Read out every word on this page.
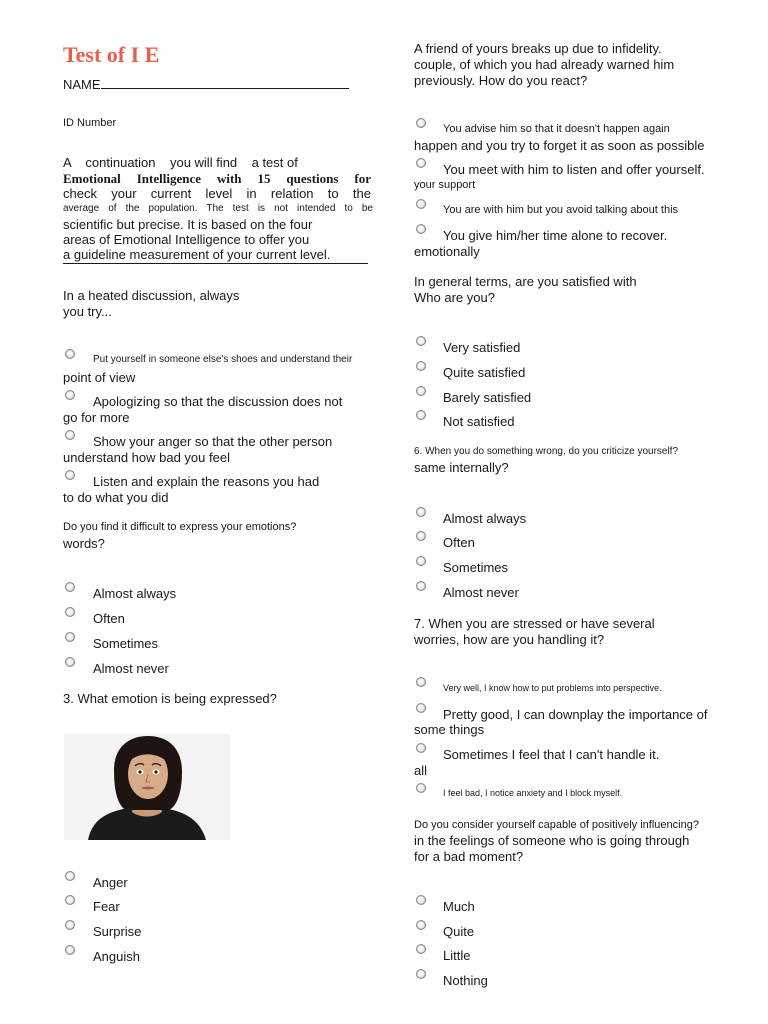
Test of I E
NAME
ID Number
A    continuation    you will find    a test of
Emotional Intelligence with 15 questions for
check your current level in relation to the
average of the population. The test is not intended to be
scientific but precise. It is based on the four
areas of Emotional Intelligence to offer you
a guideline measurement of your current level.
In a heated discussion, always
you try...
Put yourself in someone else's shoes and understand their
point of view
Apologizing so that the discussion does not
go for more
Show your anger so that the other person
understand how bad you feel
Listen and explain the reasons you had
to do what you did
Do you find it difficult to express your emotions?
words?
Almost always
Often
Sometimes
Almost never
3. What emotion is being expressed?
Anger
Fear
Surprise
Anguish
A friend of yours breaks up due to infidelity.
couple, of which you had already warned him
previously. How do you react?
You advise him so that it doesn't happen again
happen and you try to forget it as soon as possible
You meet with him to listen and offer yourself.
your support
You are with him but you avoid talking about this
You give him/her time alone to recover.
emotionally
In general terms, are you satisfied with
Who are you?
Very satisfied
Quite satisfied
Barely satisfied
Not satisfied
6. When you do something wrong, do you criticize yourself?
same internally?
Almost always
Often
Sometimes
Almost never
7. When you are stressed or have several
worries, how are you handling it?
Very well, I know how to put problems into perspective.
Pretty good, I can downplay the importance of
some things
Sometimes I feel that I can't handle it.
all
I feel bad, I notice anxiety and I block myself.
Do you consider yourself capable of positively influencing?
in the feelings of someone who is going through
for a bad moment?
Much
Quite
Little
Nothing
